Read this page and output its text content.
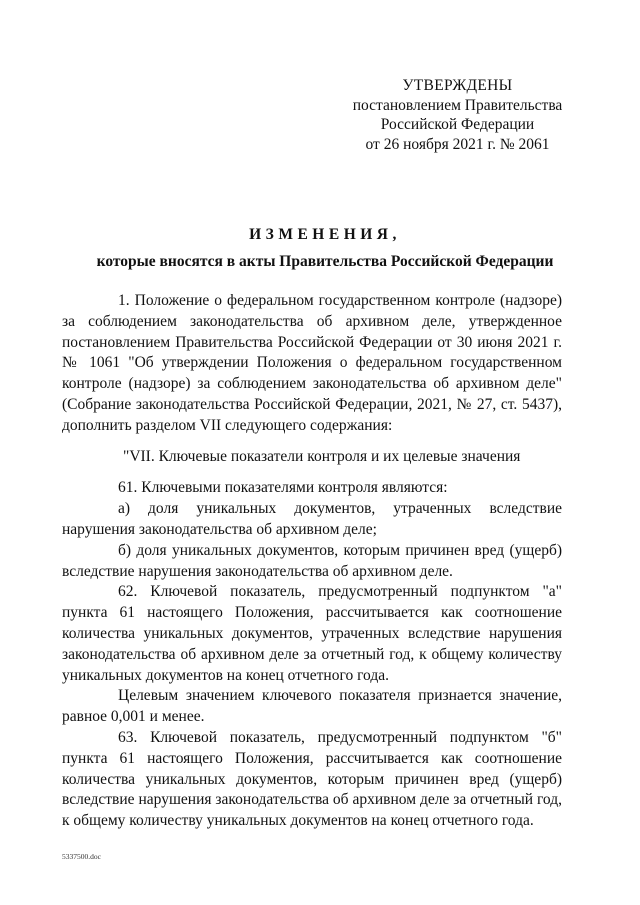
УТВЕРЖДЕНЫ
постановлением Правительства
Российской Федерации
от 26 ноября 2021 г. № 2061
ИЗМЕНЕНИЯ,
которые вносятся в акты Правительства Российской Федерации

1. Положение о федеральном государственном контроле (надзоре) за соблюдением законодательства об архивном деле, утвержденное постановлением Правительства Российской Федерации от 30 июня 2021 г. № 1061 "Об утверждении Положения о федеральном государственном контроле (надзоре) за соблюдением законодательства об архивном деле" (Собрание законодательства Российской Федерации, 2021, № 27, ст. 5437), дополнить разделом VII следующего содержания:

"VII. Ключевые показатели контроля и их целевые значения

61. Ключевыми показателями контроля являются:

а) доля уникальных документов, утраченных вследствие нарушения законодательства об архивном деле;

б) доля уникальных документов, которым причинен вред (ущерб) вследствие нарушения законодательства об архивном деле.

62. Ключевой показатель, предусмотренный подпунктом "а" пункта 61 настоящего Положения, рассчитывается как соотношение количества уникальных документов, утраченных вследствие нарушения законодательства об архивном деле за отчетный год, к общему количеству уникальных документов на конец отчетного года.

Целевым значением ключевого показателя признается значение, равное 0,001 и менее.

63. Ключевой показатель, предусмотренный подпунктом "б" пункта 61 настоящего Положения, рассчитывается как соотношение количества уникальных документов, которым причинен вред (ущерб) вследствие нарушения законодательства об архивном деле за отчетный год, к общему количеству уникальных документов на конец отчетного года.

5337500.doc
